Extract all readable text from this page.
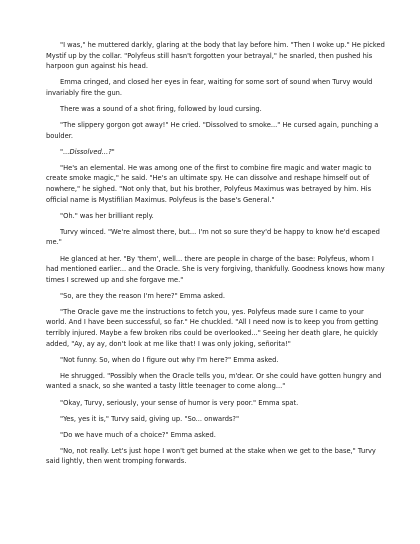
"I was," he muttered darkly, glaring at the body that lay before him. "Then I woke up." He picked Mystif up by the collar. "Polyfeus still hasn't forgotten your betrayal," he snarled, then pushed his harpoon gun against his head.

Emma cringed, and closed her eyes in fear, waiting for some sort of sound when Turvy would invariably fire the gun.

There was a sound of a shot firing, followed by loud cursing.

"The slippery gorgon got away!" He cried. "Dissolved to smoke..." He cursed again, punching a boulder.

"...Dissolved...?"

"He's an elemental. He was among one of the first to combine fire magic and water magic to create smoke magic," he said. "He's an ultimate spy. He can dissolve and reshape himself out of nowhere," he sighed. "Not only that, but his brother, Polyfeus Maximus was betrayed by him. His official name is Mystifilian Maximus. Polyfeus is the base's General."

"Oh." was her brilliant reply.

Turvy winced. "We're almost there, but... I'm not so sure they'd be happy to know he'd escaped me."

He glanced at her. "By 'them', well... there are people in charge of the base: Polyfeus, whom I had mentioned earlier... and the Oracle. She is very forgiving, thankfully. Goodness knows how many times I screwed up and she forgave me."

"So, are they the reason I'm here?" Emma asked.

"The Oracle gave me the instructions to fetch you, yes. Polyfeus made sure I came to your world. And I have been successful, so far." He chuckled. "All I need now is to keep you from getting terribly injured. Maybe a few broken ribs could be overlooked..." Seeing her death glare, he quickly added, "Ay, ay ay, don't look at me like that! I was only joking, señorita!"

"Not funny. So, when do I figure out why I'm here?" Emma asked.

He shrugged. "Possibly when the Oracle tells you, m'dear. Or she could have gotten hungry and wanted a snack, so she wanted a tasty little teenager to come along..."

"Okay, Turvy, seriously, your sense of humor is very poor." Emma spat.

"Yes, yes it is," Turvy said, giving up. "So... onwards?"

"Do we have much of a choice?" Emma asked.

"No, not really. Let's just hope I won't get burned at the stake when we get to the base," Turvy said lightly, then went tromping forwards.
